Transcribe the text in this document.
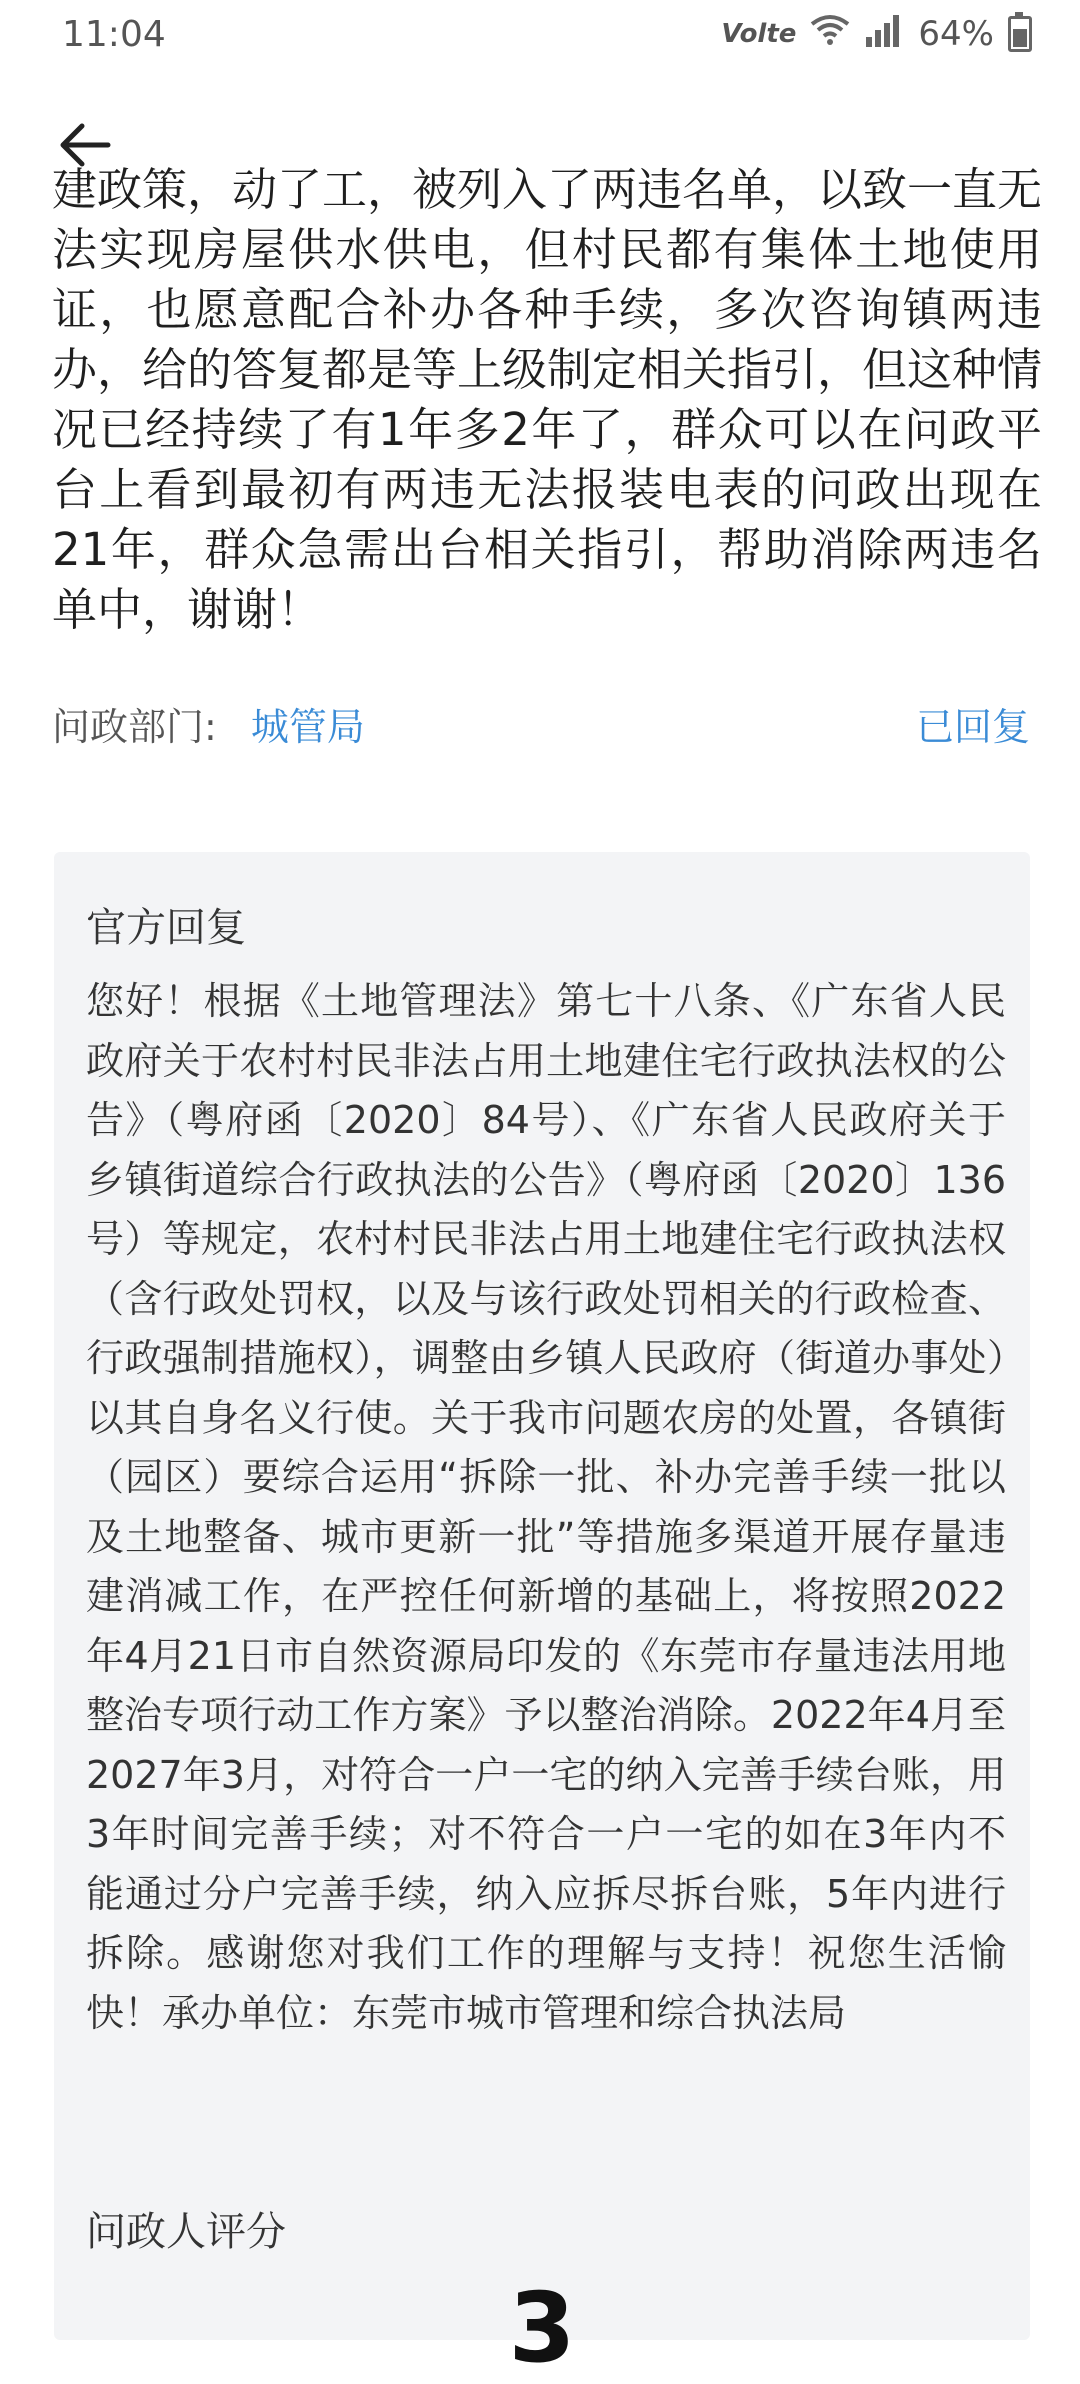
11:04	Volte	64%
建政策，动了工，被列入了两违名单，以致一直无法实现房屋供水供电，但村民都有集体土地使用证，也愿意配合补办各种手续，多次咨询镇两违办，给的答复都是等上级制定相关指引，但这种情况已经持续了有1年多2年了，群众可以在问政平台上看到最初有两违无法报装电表的问政出现在21年，群众急需出台相关指引，帮助消除两违名单中，谢谢！
问政部门: 城管局	已回复
官方回复
您好！根据《土地管理法》第七十八条、《广东省人民政府关于农村村民非法占用土地建住宅行政执法权的公告》（粤府函〔2020〕84号）、《广东省人民政府关于乡镇街道综合行政执法的公告》（粤府函〔2020〕136号）等规定，农村村民非法占用土地建住宅行政执法权（含行政处罚权，以及与该行政处罚相关的行政检查、行政强制措施权），调整由乡镇人民政府（街道办事处）以其自身名义行使。关于我市问题农房的处置，各镇街（园区）要综合运用“拆除一批、补办完善手续一批以及土地整备、城市更新一批”等措施多渠道开展存量违建消减工作，在严控任何新增的基础上，将按照2022年4月21日市自然资源局印发的《东莞市存量违法用地整治专项行动工作方案》予以整治消除。2022年4月至2027年3月，对符合一户一宅的纳入完善手续台账，用3年时间完善手续；对不符合一户一宅的如在3年内不能通过分户完善手续，纳入应拆尽拆台账，5年内进行拆除。感谢您对我们工作的理解与支持！祝您生活愉快！承办单位：东莞市城市管理和综合执法局
问政人评分
3
